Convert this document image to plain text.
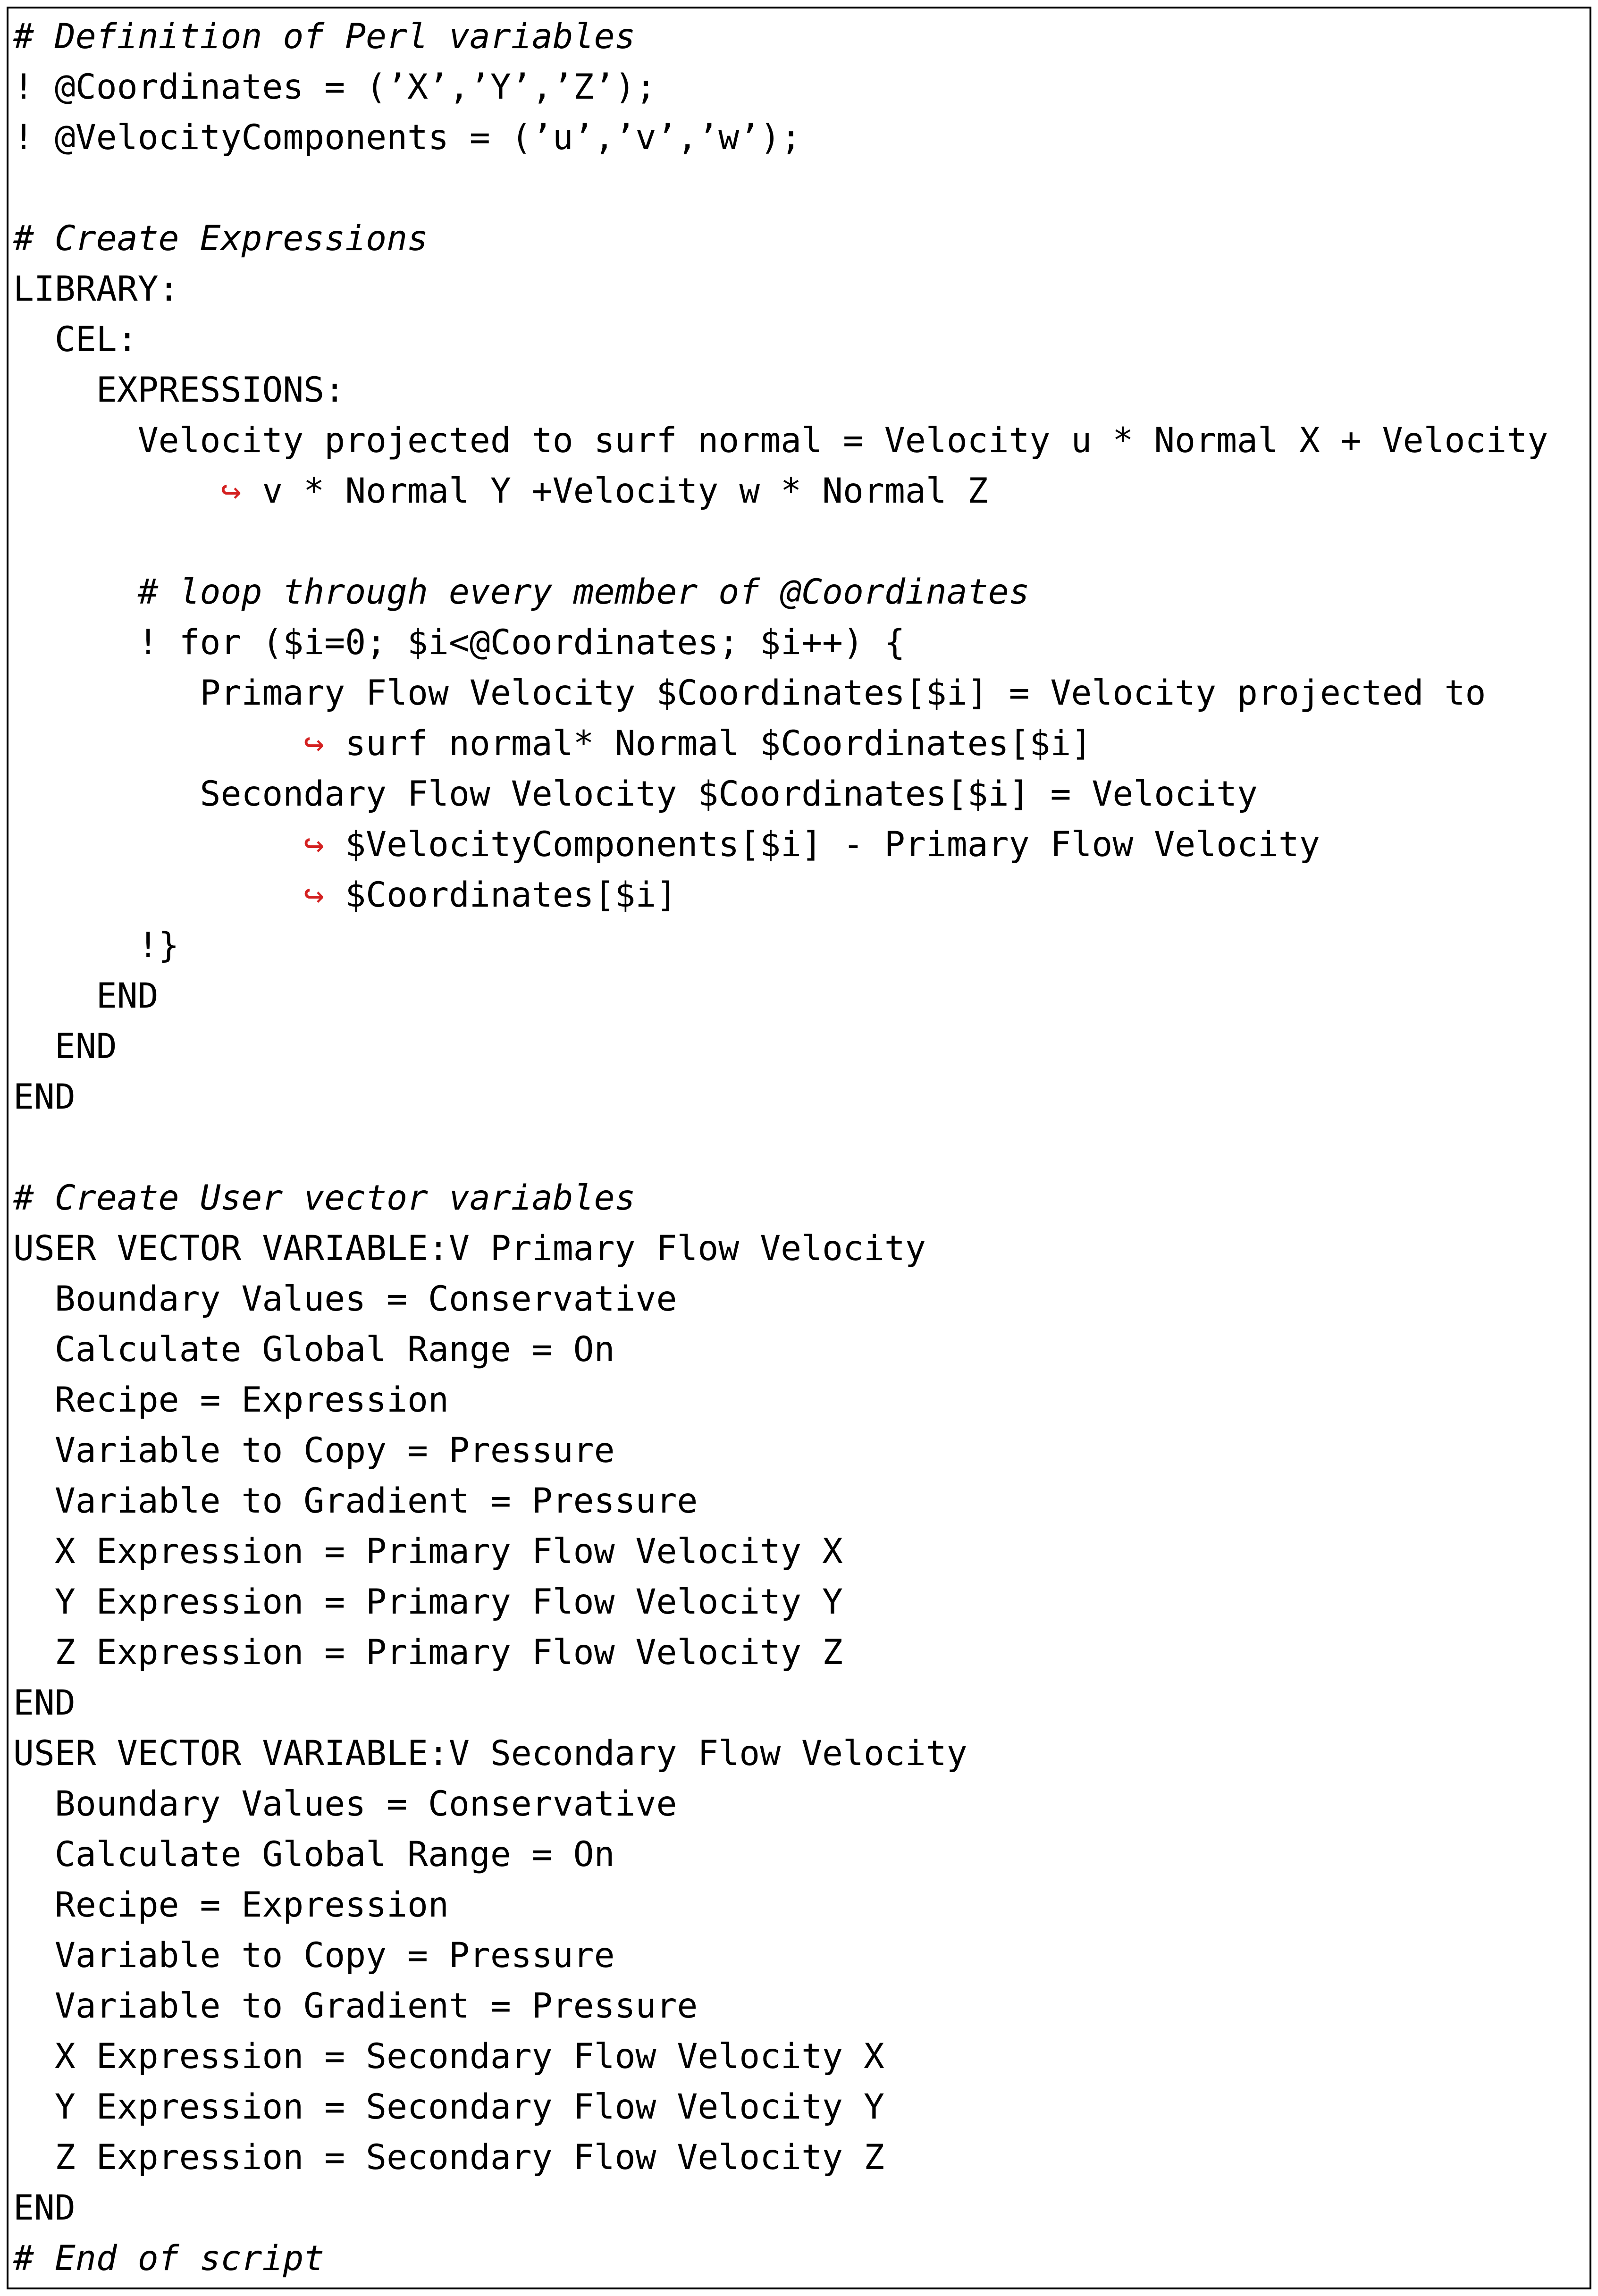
# Definition of Perl variables
! @Coordinates = (’X’,’Y’,’Z’);
! @VelocityComponents = (’u’,’v’,’w’);

# Create Expressions
LIBRARY:
CEL:
EXPRESSIONS:
Velocity projected to surf normal = Velocity u * Normal X + Velocity
↪ v * Normal Y +Velocity w * Normal Z

# loop through every member of @Coordinates
! for ($i=0; $i<@Coordinates; $i++) {
Primary Flow Velocity $Coordinates[$i] = Velocity projected to
↪ surf normal* Normal $Coordinates[$i]
Secondary Flow Velocity $Coordinates[$i] = Velocity
↪ $VelocityComponents[$i] - Primary Flow Velocity
↪ $Coordinates[$i]
!}
END
END
END

# Create User vector variables
USER VECTOR VARIABLE:V Primary Flow Velocity
Boundary Values = Conservative
Calculate Global Range = On
Recipe = Expression
Variable to Copy = Pressure
Variable to Gradient = Pressure
X Expression = Primary Flow Velocity X
Y Expression = Primary Flow Velocity Y
Z Expression = Primary Flow Velocity Z
END
USER VECTOR VARIABLE:V Secondary Flow Velocity
Boundary Values = Conservative
Calculate Global Range = On
Recipe = Expression
Variable to Copy = Pressure
Variable to Gradient = Pressure
X Expression = Secondary Flow Velocity X
Y Expression = Secondary Flow Velocity Y
Z Expression = Secondary Flow Velocity Z
END
# End of script
